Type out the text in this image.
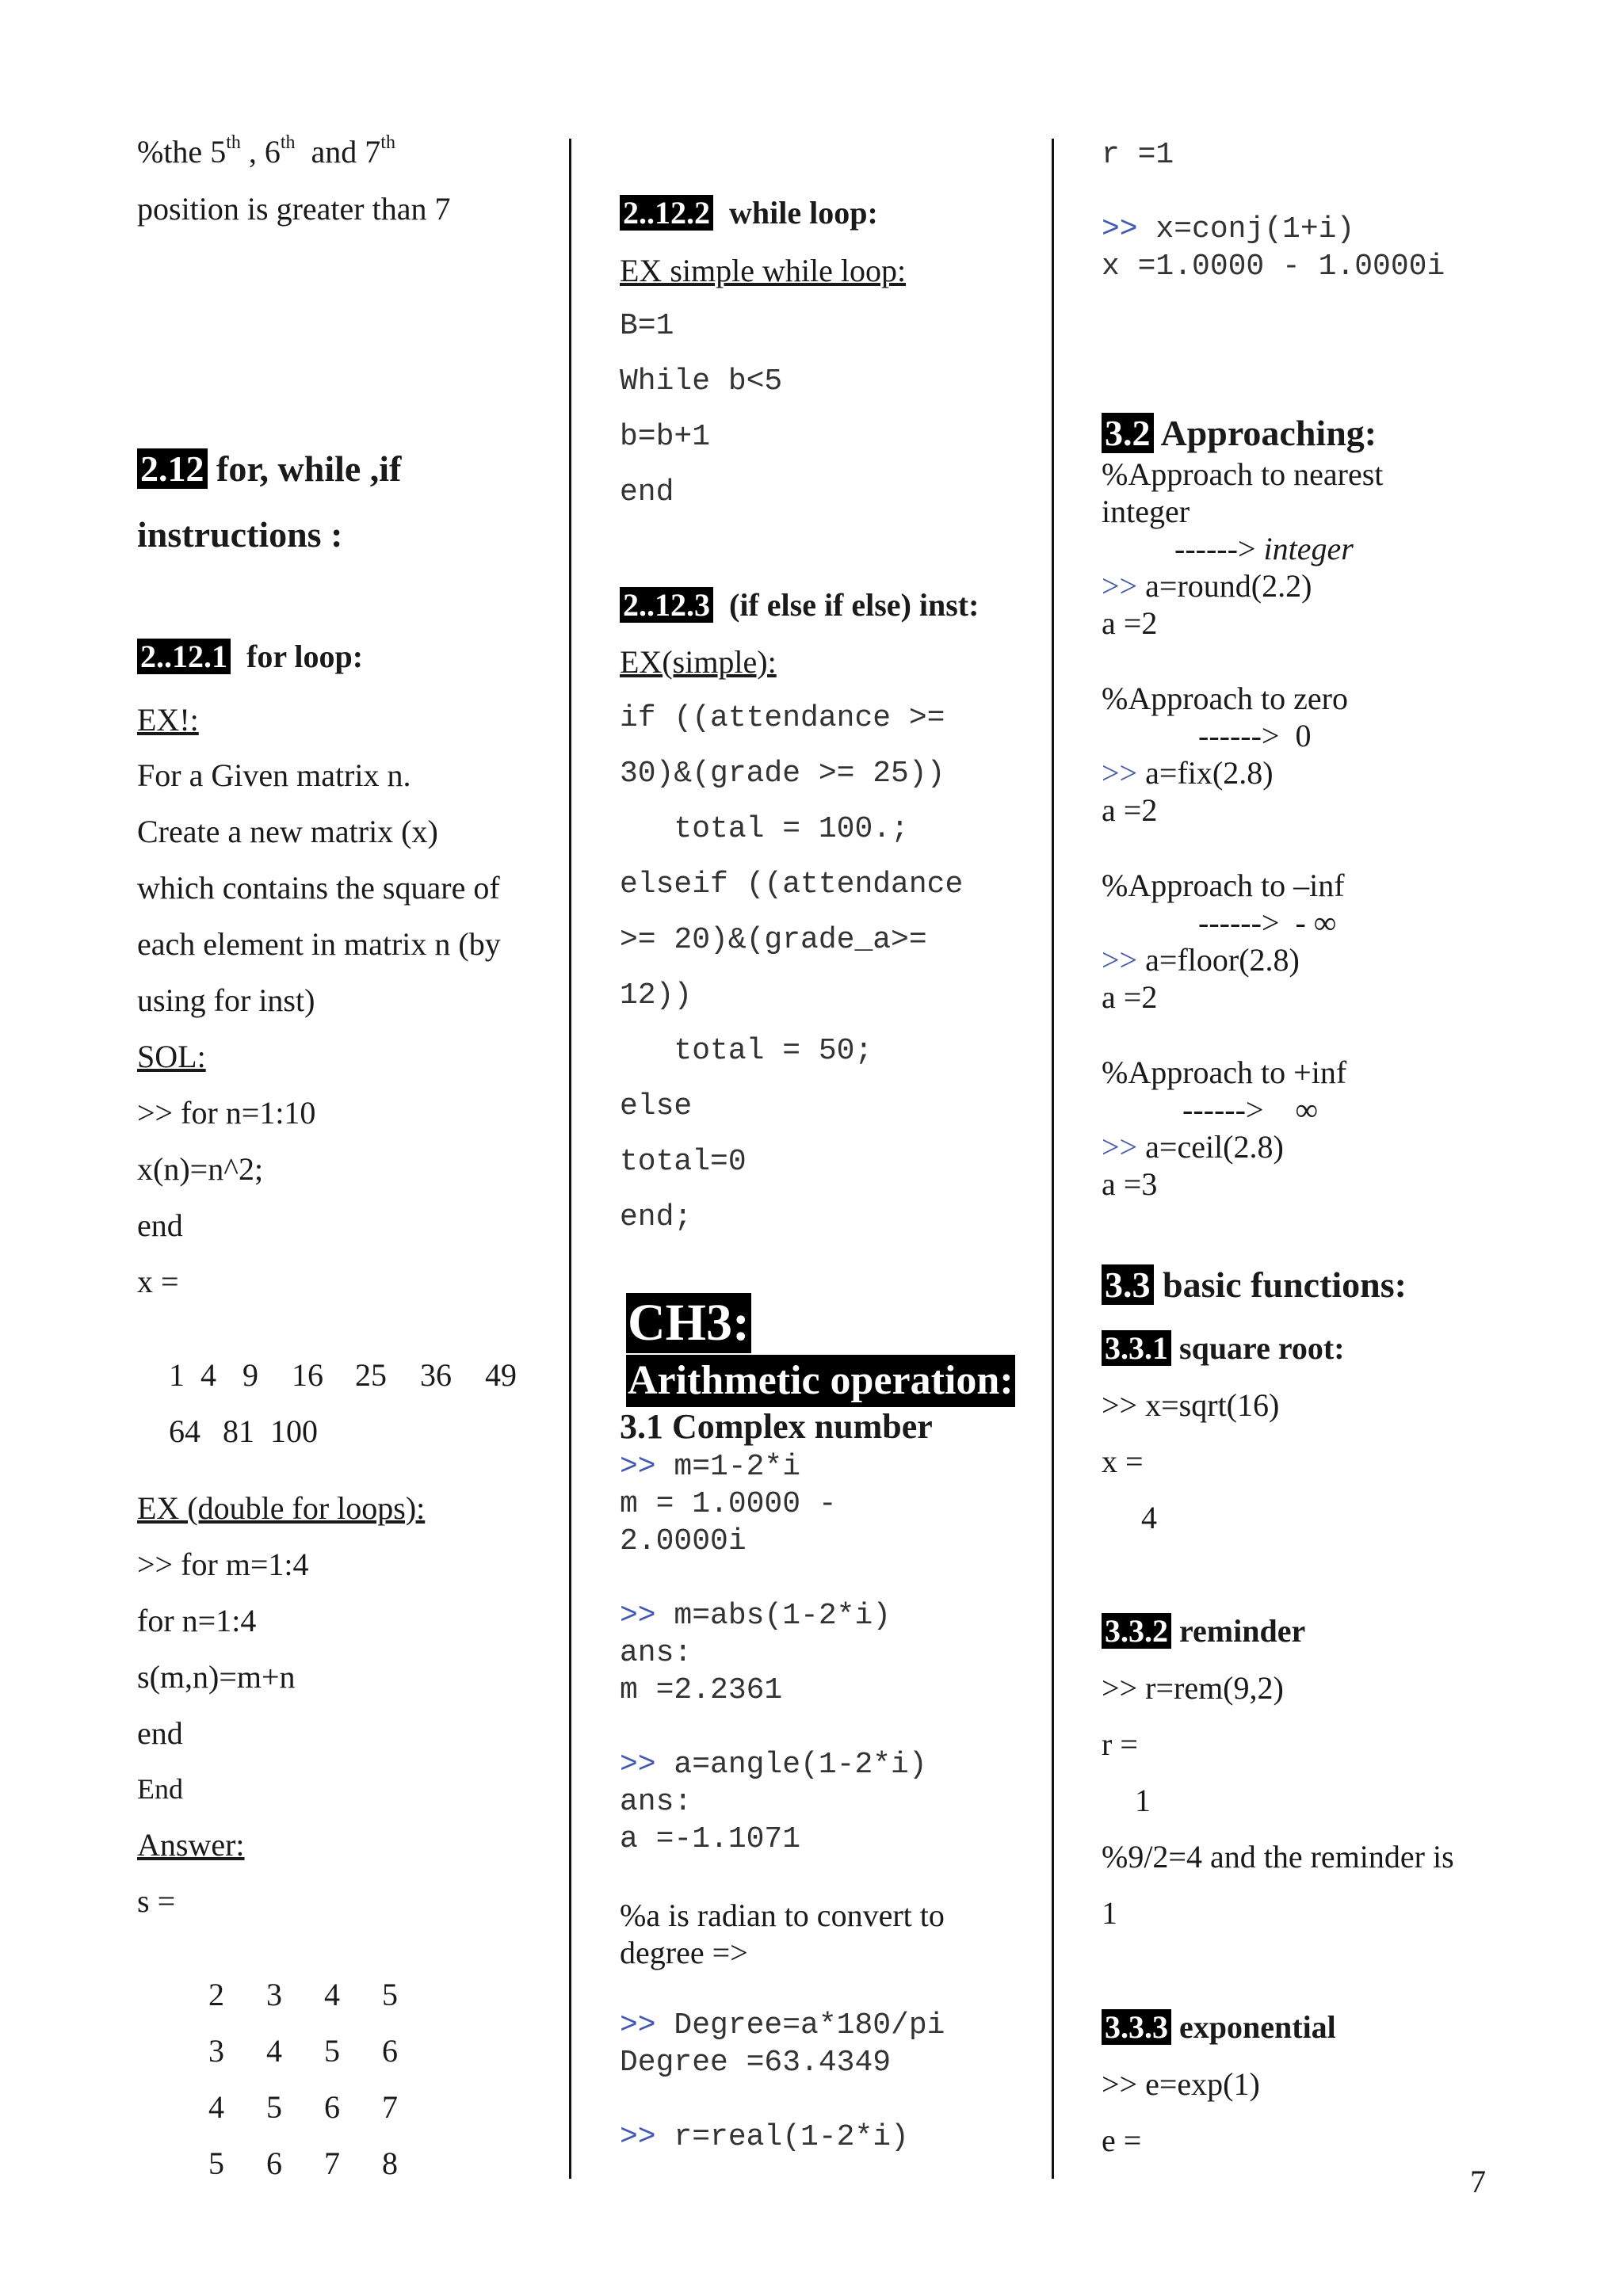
%the 5th , 6th  and 7th
position is greater than 7
2.12 for, while ,if
instructions :
2..12.1  for loop:
EX!:
For a Given matrix n.
Create a new matrix (x)
which contains the square of
each element in matrix n (by
using for inst)
SOL:
>> for n=1:10
x(n)=n^2;
end
x =

1 4 9 16 25 36 49

64 81 100

EX (double for loops):
>> for m=1:4
for n=1:4
s(m,n)=m+n
end
End
Answer:
s =

2 3 4 5

3 4 5 6

4 5 6 7

5 6 7 8

2..12.2  while loop:
EX simple while loop:
B=1
While b<5
b=b+1
end
2..12.3  (if else if else) inst:
EX(simple):
if ((attendance >=
30)&(grade >= 25))
total = 100.;
elseif ((attendance
>= 20)&(grade_a>=
12))
total = 50;
else
total=0
end;

CH3:

Arithmetic operation:

3.1 Complex number
>> m=1-2*i
m = 1.0000 -
2.0000i
>> m=abs(1-2*i)
ans:
m =2.2361
>> a=angle(1-2*i)
ans:
a =-1.1071
%a is radian to convert to
degree =>
>> Degree=a*180/pi
Degree =63.4349
>> r=real(1-2*i)
r =1
>> x=conj(1+i)
x =1.0000 - 1.0000i
3.2 Approaching:
%Approach to nearest
integer
------> integer
>> a=round(2.2)
a =2
%Approach to zero
------>  0
>> a=fix(2.8)
a =2
%Approach to –inf
------>  - ∞
>> a=floor(2.8)
a =2
%Approach to +inf
------>    ∞
>> a=ceil(2.8)
a =3
3.3 basic functions:
3.3.1 square root:
>> x=sqrt(16)
x =
4
3.3.2 reminder
>> r=rem(9,2)
r =
1
%9/2=4 and the reminder is
1
3.3.3 exponential
>> e=exp(1)
e =
7
